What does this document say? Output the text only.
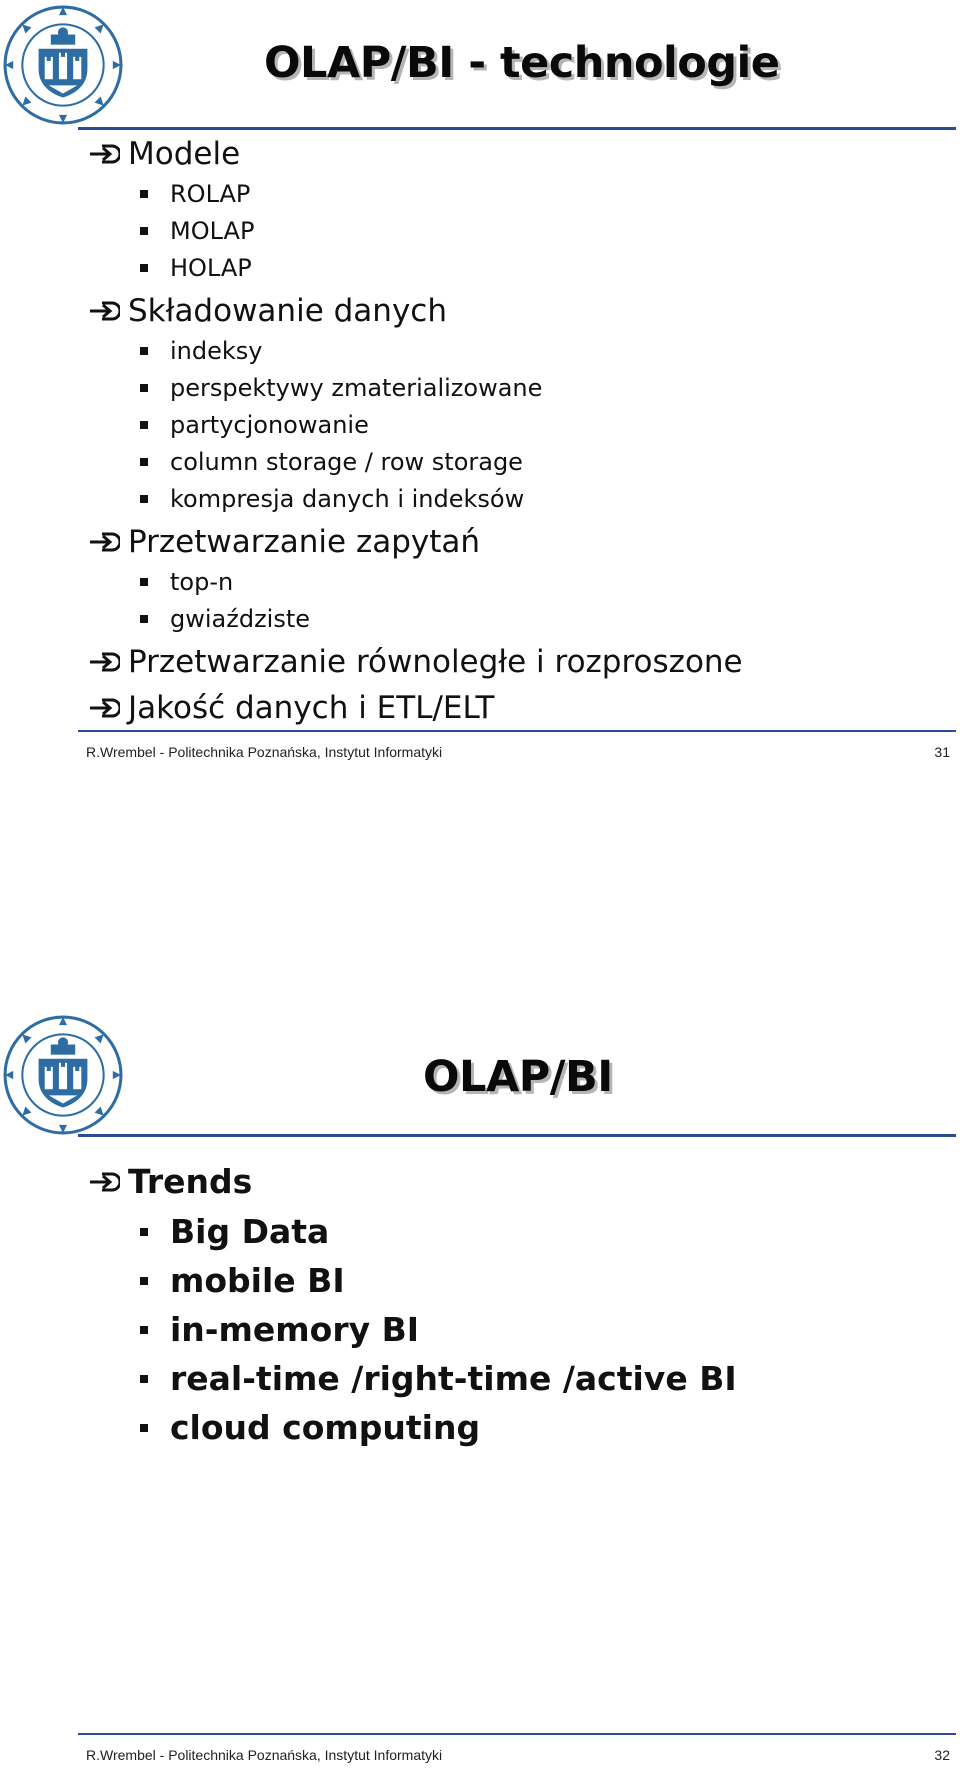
OLAP/BI - technologie
Modele
ROLAP
MOLAP
HOLAP
Składowanie danych
indeksy
perspektywy zmaterializowane
partycjonowanie
column storage / row storage
kompresja danych i indeksów
Przetwarzanie zapytań
top-n
gwiaździste
Przetwarzanie równoległe i rozproszone
Jakość danych i ETL/ELT
R.Wrembel - Politechnika Poznańska, Instytut Informatyki	31
OLAP/BI
Trends
Big Data
mobile BI
in-memory BI
real-time /right-time /active BI
cloud computing
R.Wrembel - Politechnika Poznańska, Instytut Informatyki	32
